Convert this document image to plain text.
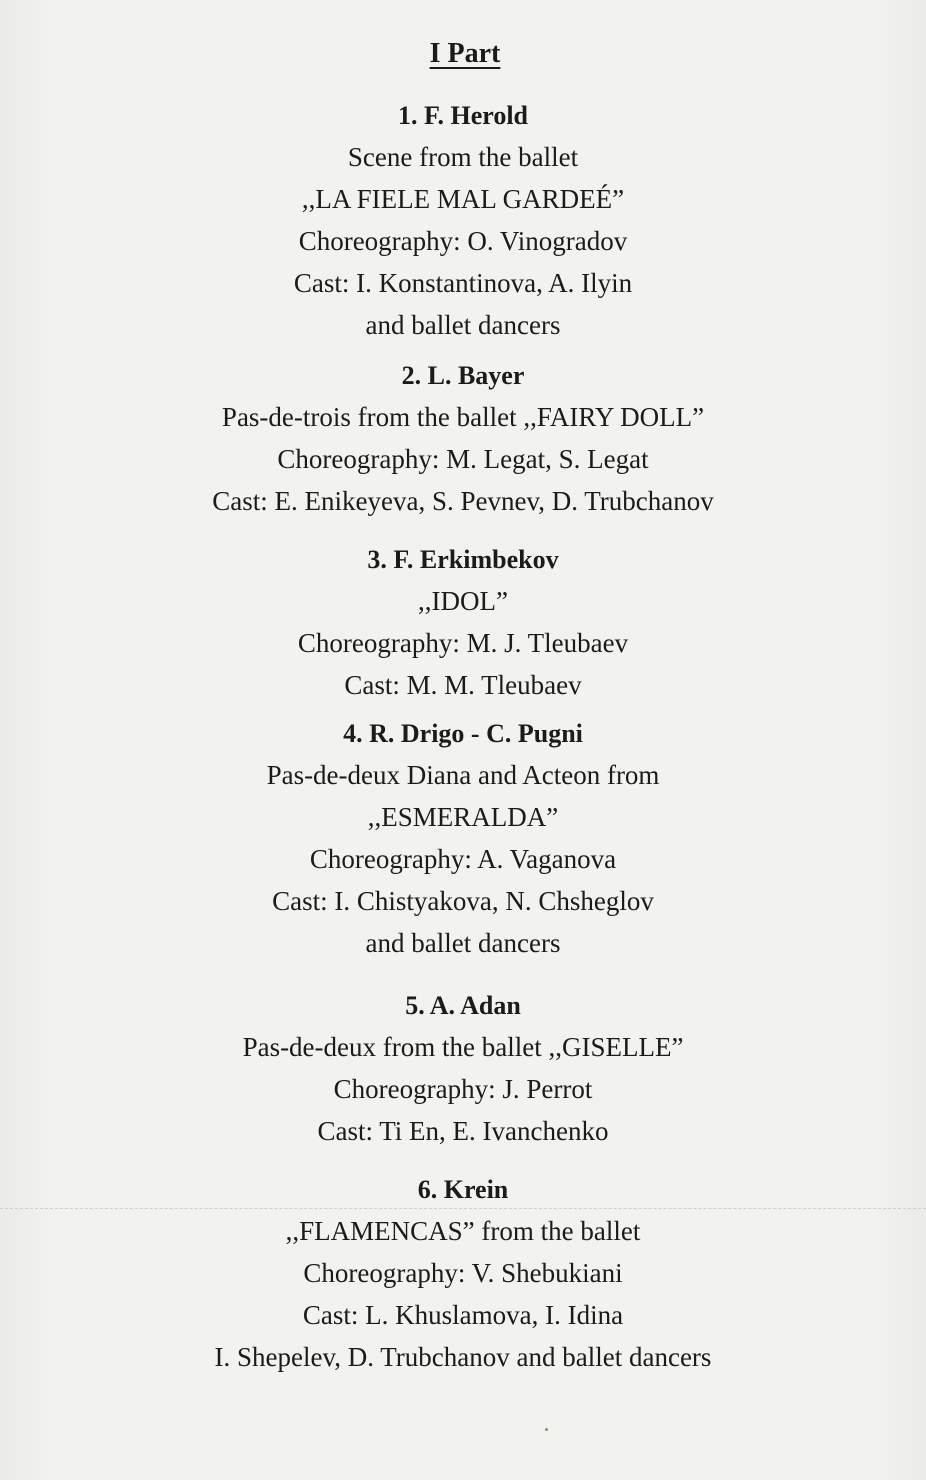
I Part
1. F. Herold
Scene from the ballet
,,LA FIELE MAL GARDEÉ”
Choreography: O. Vinogradov
Cast: I. Konstantinova, A. Ilyin
and ballet dancers
2. L. Bayer
Pas-de-trois from the ballet ,,FAIRY DOLL”
Choreography: M. Legat, S. Legat
Cast: E. Enikeyeva, S. Pevnev, D. Trubchanov
3. F. Erkimbekov
,,IDOL”
Choreography: M. J. Tleubaev
Cast: M. M. Tleubaev
4. R. Drigo - C. Pugni
Pas-de-deux Diana and Acteon from
,,ESMERALDA”
Choreography: A. Vaganova
Cast: I. Chistyakova, N. Chsheglov
and ballet dancers
5. A. Adan
Pas-de-deux from the ballet ,,GISELLE”
Choreography: J. Perrot
Cast: Ti En, E. Ivanchenko
6. Krein
,,FLAMENCAS” from the ballet
Choreography: V. Shebukiani
Cast: L. Khuslamova, I. Idina
I. Shepelev, D. Trubchanov and ballet dancers
